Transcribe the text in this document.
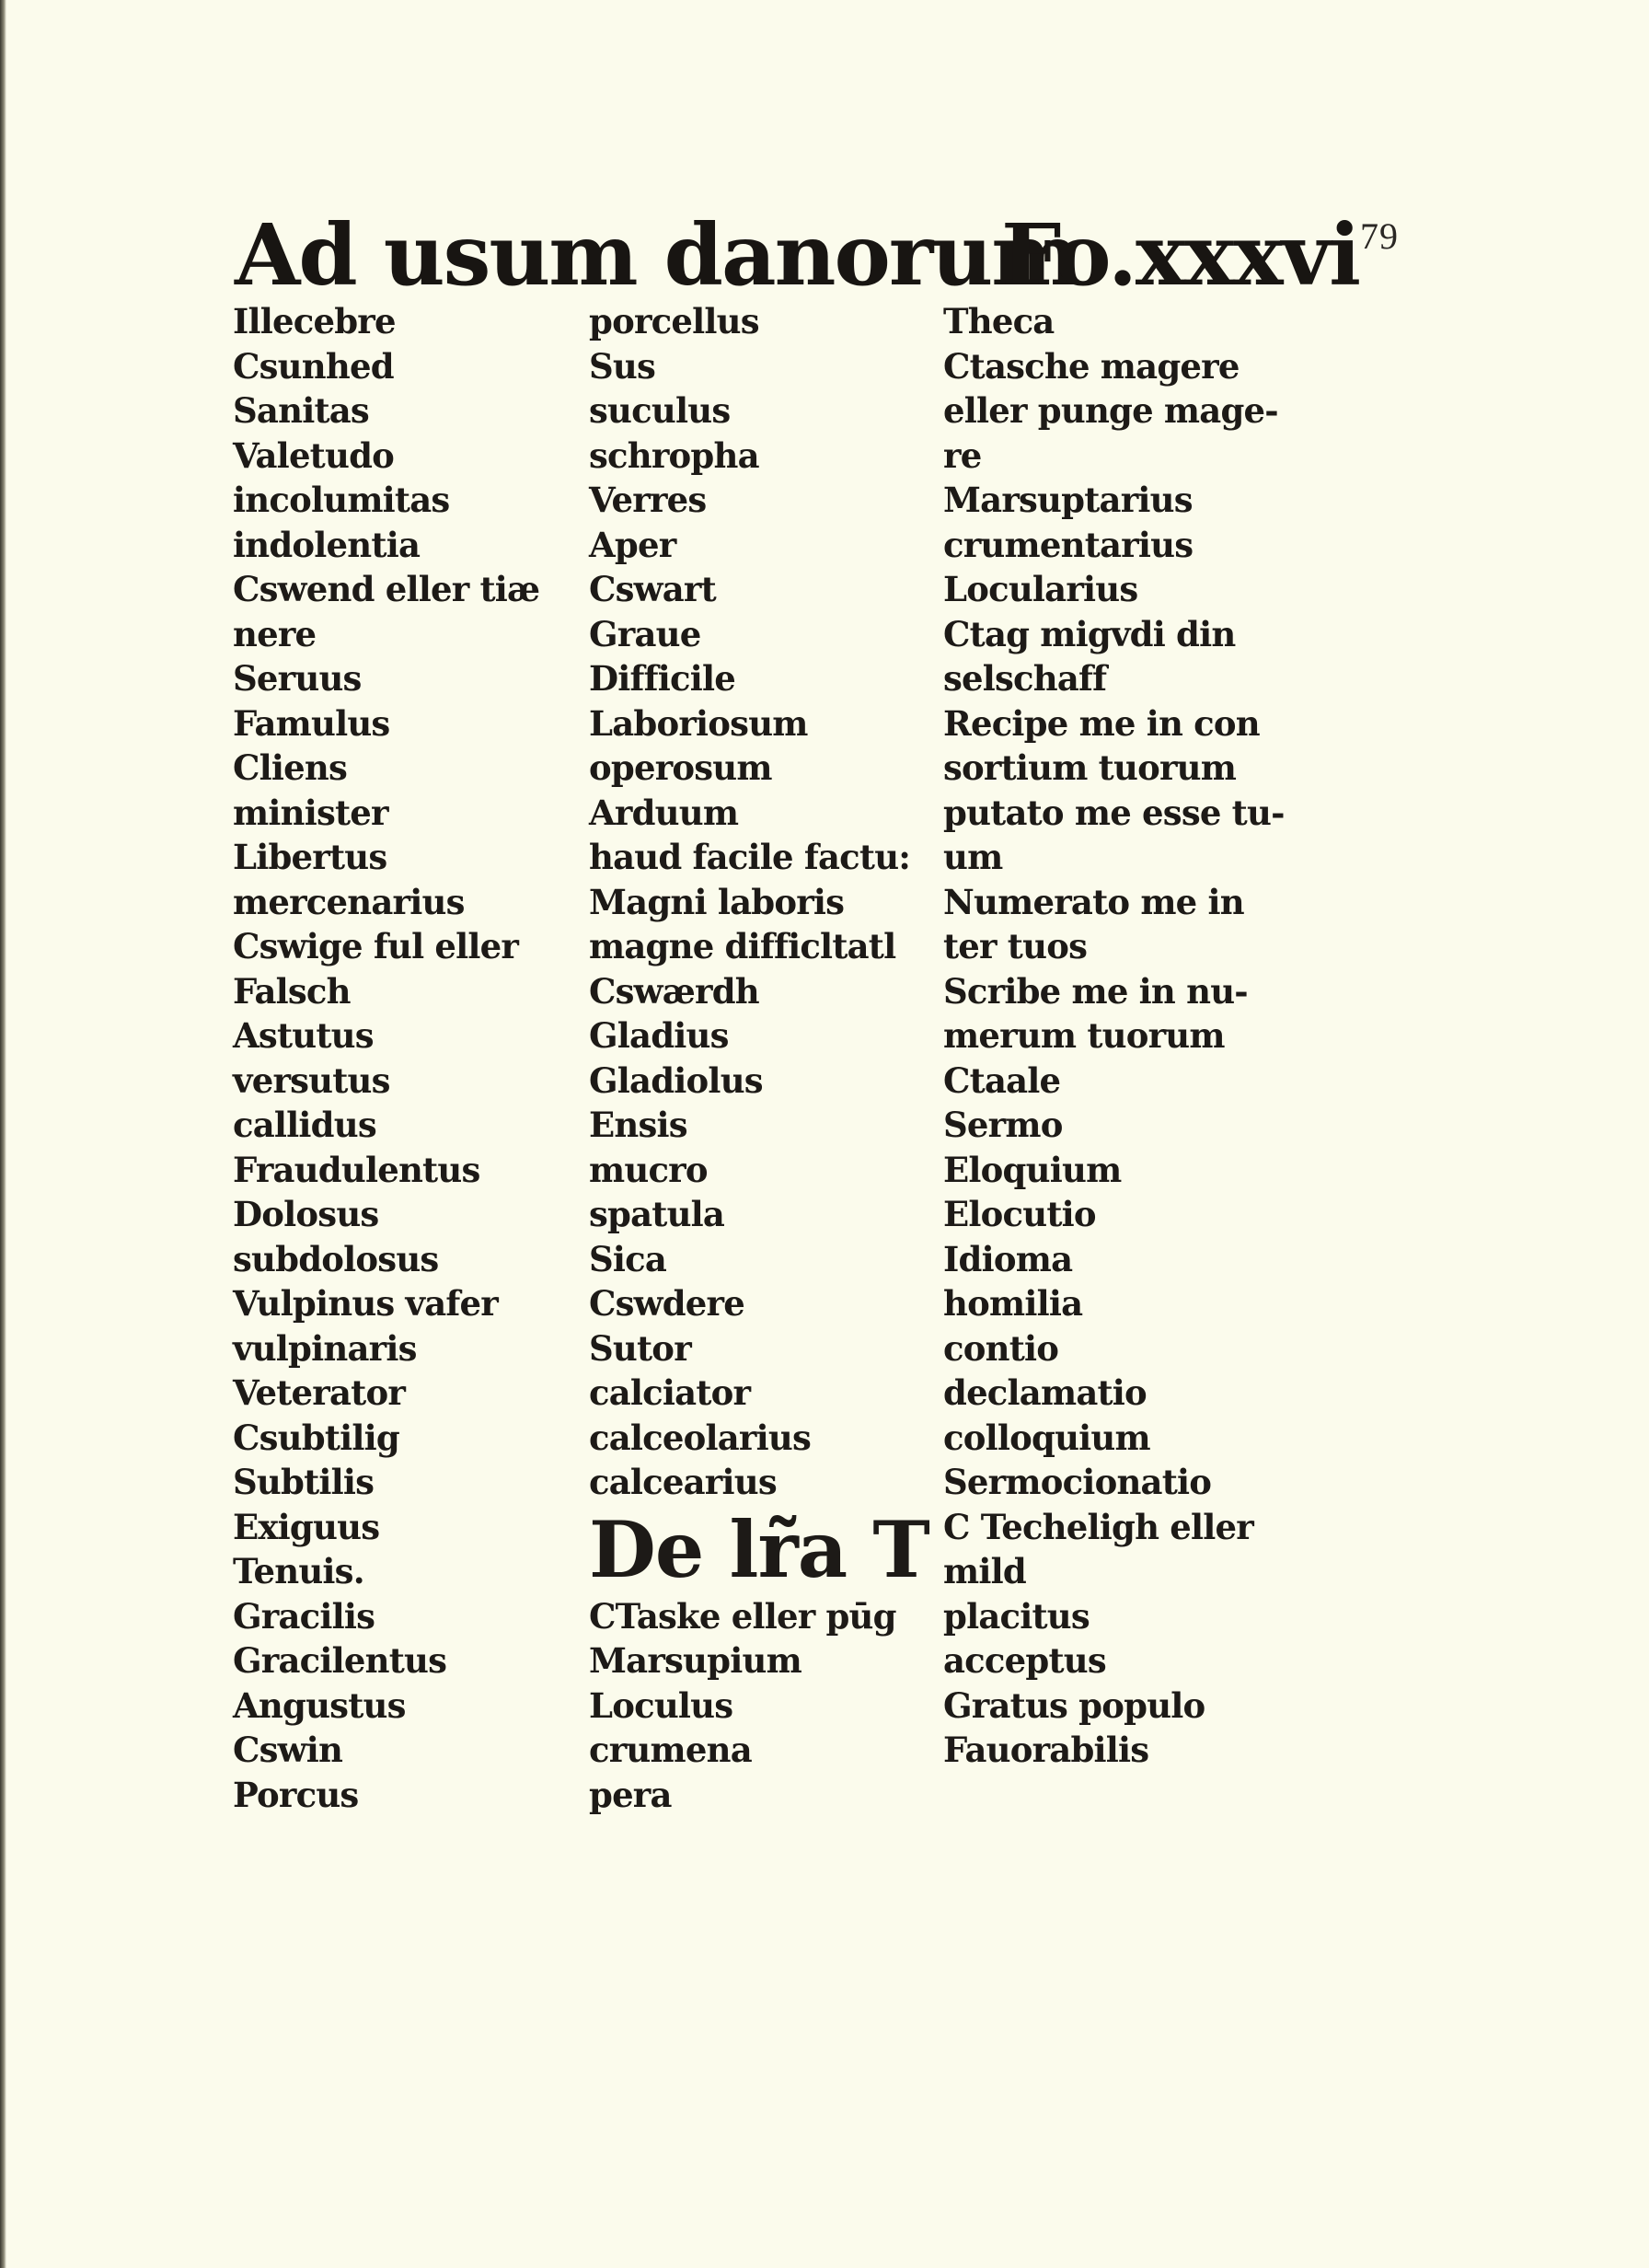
79
Ad usum danorum
Fo.xxxvi
Illecebre
Csunhed
Sanitas
Valetudo
incolumitas
indolentia
Cswend eller tiæ
nere
Seruus
Famulus
Cliens
minister
Libertus
mercenarius
Cswige ful eller
Falsch
Astutus
versutus
callidus
Fraudulentus
Dolosus
subdolosus
Vulpinus vafer
vulpinaris
Veterator
Csubtilig
Subtilis
Exiguus
Tenuis.
Gracilis
Gracilentus
Angustus
Cswin
Porcus
porcellus
Sus
suculus
schropha
Verres
Aper
Cswart
Graue
Difficile
Laboriosum
operosum
Arduum
haud facile factu:
Magni laboris
magne difficltatl
Cswærdh
Gladius
Gladiolus
Ensis
mucro
spatula
Sica
Cswdere
Sutor
calciator
calceolarius
calcearius
De lr̃a T
CTaske eller pūg
Marsupium
Loculus
crumena
pera
Theca
Ctasche magere
eller punge mage-
re
Marsuptarius
crumentarius
Locularius
Ctag migvdi din
selschaff
Recipe me in con
sortium tuorum
putato me esse tu-
um
Numerato me in
ter tuos
Scribe me in nu-
merum tuorum
Ctaale
Sermo
Eloquium
Elocutio
Idioma
homilia
contio
declamatio
colloquium
Sermocionatio
C Techeligh eller
mild
placitus
acceptus
Gratus populo
Fauorabilis
